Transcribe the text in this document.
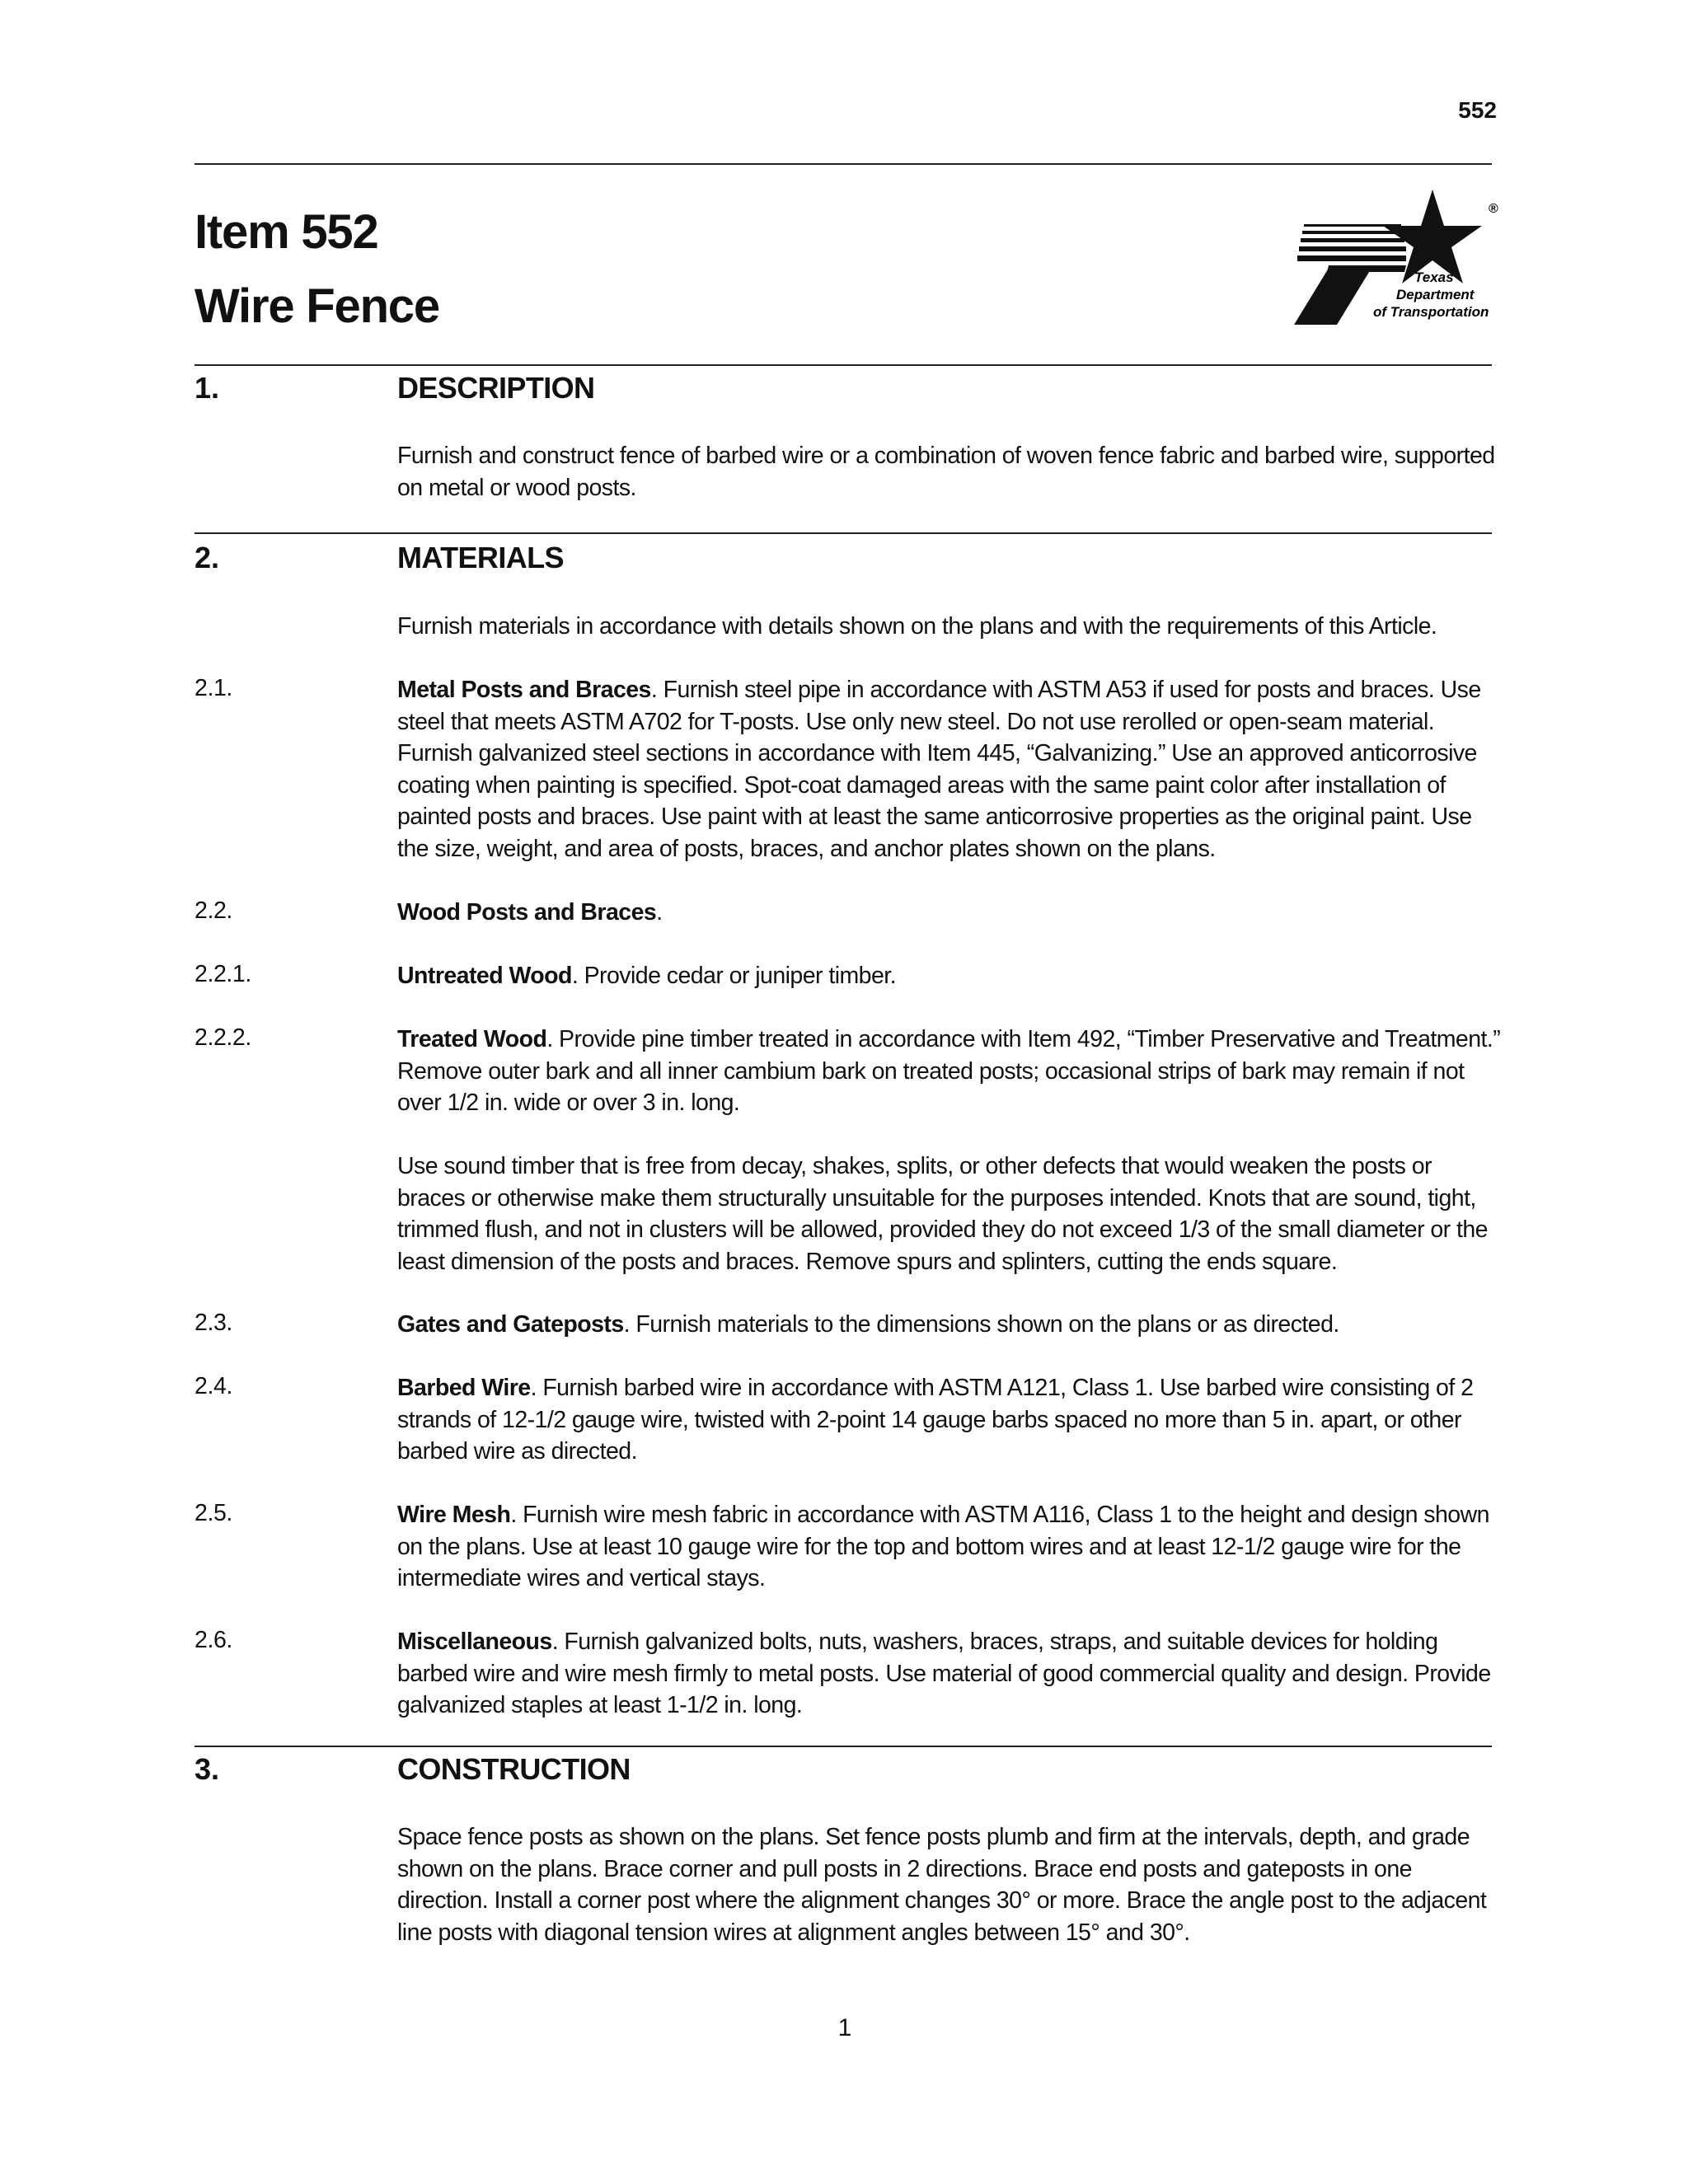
552
Item 552
Wire Fence
®
Texas
Department
of Transportation
1.	DESCRIPTION

Furnish and construct fence of barbed wire or a combination of woven fence fabric and barbed wire, supported on metal or wood posts.

2.	MATERIALS

Furnish materials in accordance with details shown on the plans and with the requirements of this Article.

2.1.	Metal Posts and Braces. Furnish steel pipe in accordance with ASTM A53 if used for posts and braces. Use steel that meets ASTM A702 for T-posts. Use only new steel. Do not use rerolled or open-seam material. Furnish galvanized steel sections in accordance with Item 445, “Galvanizing.” Use an approved anticorrosive coating when painting is specified. Spot-coat damaged areas with the same paint color after installation of painted posts and braces. Use paint with at least the same anticorrosive properties as the original paint. Use the size, weight, and area of posts, braces, and anchor plates shown on the plans.

2.2.	Wood Posts and Braces.

2.2.1.	Untreated Wood. Provide cedar or juniper timber.

2.2.2.	Treated Wood. Provide pine timber treated in accordance with Item 492, “Timber Preservative and Treatment.” Remove outer bark and all inner cambium bark on treated posts; occasional strips of bark may remain if not over 1/2 in. wide or over 3 in. long.

Use sound timber that is free from decay, shakes, splits, or other defects that would weaken the posts or braces or otherwise make them structurally unsuitable for the purposes intended. Knots that are sound, tight, trimmed flush, and not in clusters will be allowed, provided they do not exceed 1/3 of the small diameter or the least dimension of the posts and braces. Remove spurs and splinters, cutting the ends square.

2.3.	Gates and Gateposts. Furnish materials to the dimensions shown on the plans or as directed.

2.4.	Barbed Wire. Furnish barbed wire in accordance with ASTM A121, Class 1. Use barbed wire consisting of 2 strands of 12-1/2 gauge wire, twisted with 2-point 14 gauge barbs spaced no more than 5 in. apart, or other barbed wire as directed.

2.5.	Wire Mesh. Furnish wire mesh fabric in accordance with ASTM A116, Class 1 to the height and design shown on the plans. Use at least 10 gauge wire for the top and bottom wires and at least 12-1/2 gauge wire for the intermediate wires and vertical stays.

2.6.	Miscellaneous. Furnish galvanized bolts, nuts, washers, braces, straps, and suitable devices for holding barbed wire and wire mesh firmly to metal posts. Use material of good commercial quality and design. Provide galvanized staples at least 1-1/2 in. long.

3.	CONSTRUCTION

Space fence posts as shown on the plans. Set fence posts plumb and firm at the intervals, depth, and grade shown on the plans. Brace corner and pull posts in 2 directions. Brace end posts and gateposts in one direction. Install a corner post where the alignment changes 30° or more. Brace the angle post to the adjacent line posts with diagonal tension wires at alignment angles between 15° and 30°.

1
